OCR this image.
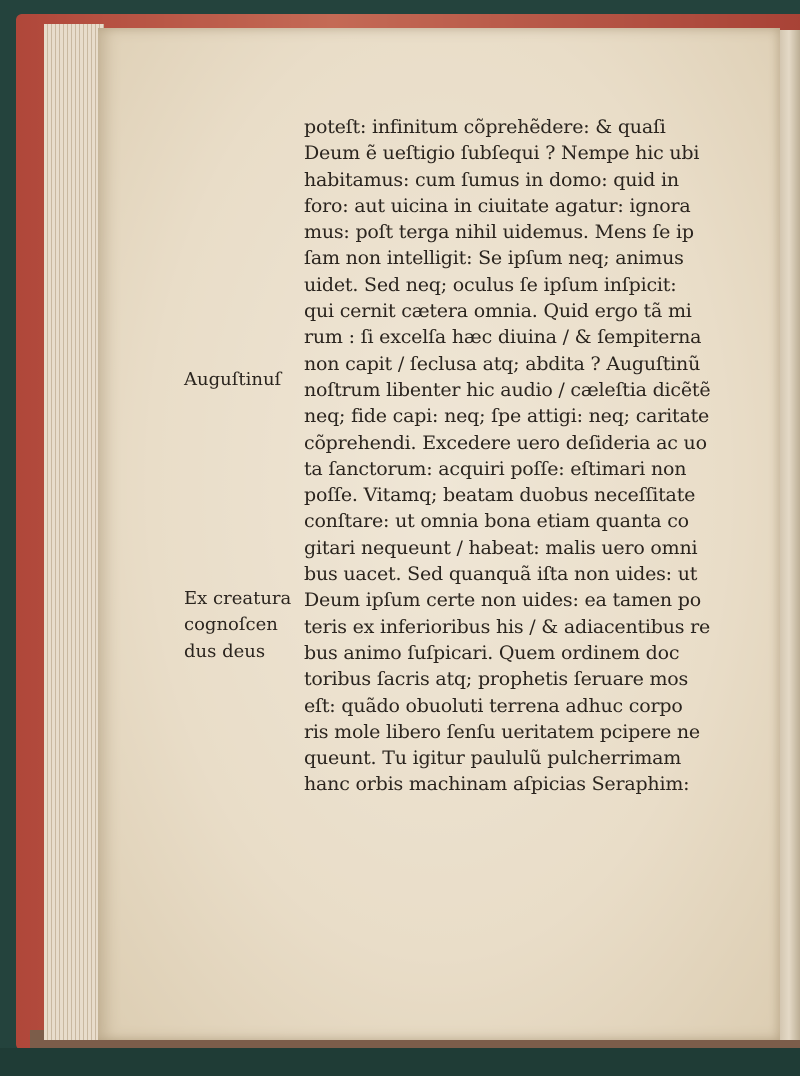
Auguſtinuſ
Ex creatura
cognoſcen
dus deus
poteſt: infinitum cõprehẽdere: & quaſi
Deum ẽ ueſtigio ſubſequi ? Nempe hic ubi
habitamus: cum ſumus in domo: quid in
foro: aut uicina in ciuitate agatur: ignora
mus: poſt terga nihil uidemus. Mens ſe ip
ſam non intelligit: Se ipſum neq; animus
uidet. Sed neq; oculus ſe ipſum inſpicit:
qui cernit cætera omnia. Quid ergo tã mi
rum : ſi excelſa hæc diuina / & ſempiterna
non capit / ſeclusa atq; abdita ? Auguſtinũ
noſtrum libenter hic audio / cæleſtia dicẽtẽ
neq; fide capi: neq; ſpe attigi: neq; caritate
cõprehendi. Excedere uero deſideria ac uo
ta ſanctorum: acquiri poſſe: eſtimari non
poſſe. Vitamq; beatam duobus neceſſitate
conſtare: ut omnia bona etiam quanta co
gitari nequeunt / habeat: malis uero omni
bus uacet. Sed quanquã iſta non uides: ut
Deum ipſum certe non uides: ea tamen po
teris ex inferioribus his / & adiacentibus re
bus animo ſuſpicari. Quem ordinem doc
toribus ſacris atq; prophetis ſeruare mos
eſt: quãdo obuoluti terrena adhuc corpo
ris mole libero ſenſu ueritatem pcipere ne
queunt. Tu igitur paululũ pulcherrimam
hanc orbis machinam aſpicias Seraphim:
